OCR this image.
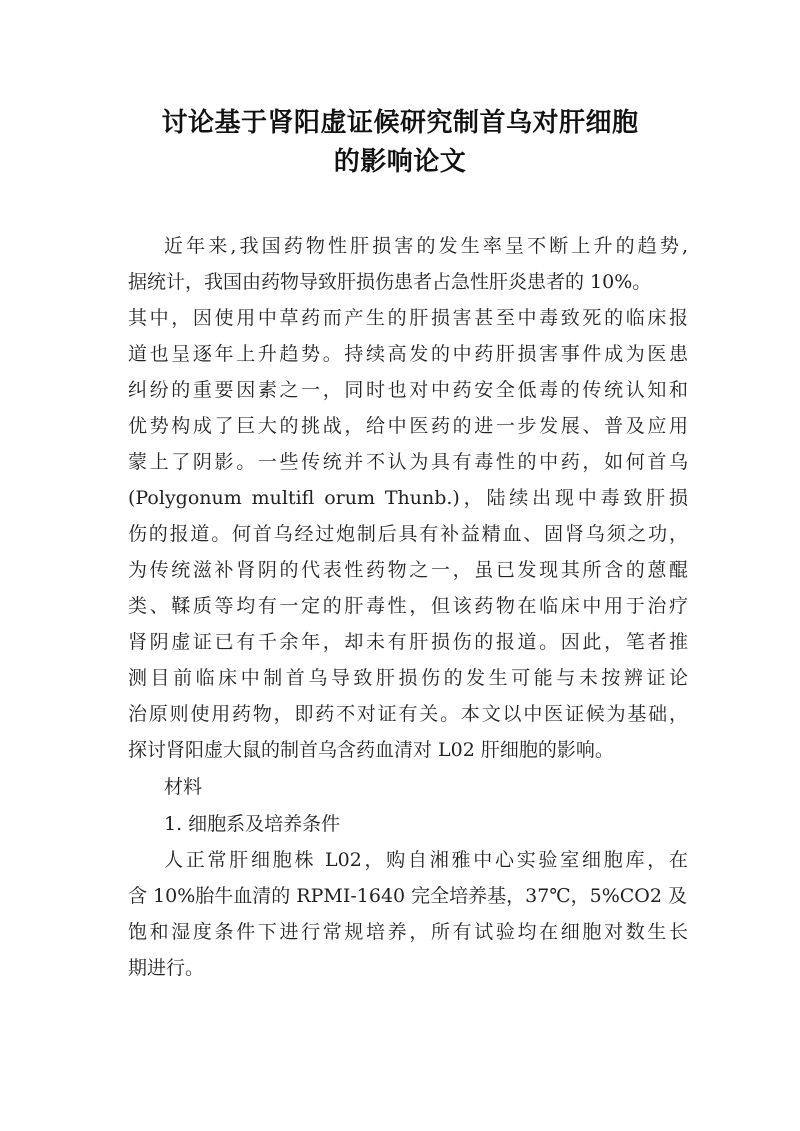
讨论基于肾阳虚证候研究制首乌对肝细胞
的影响论文
近年来,我国药物性肝损害的发生率呈不断上升的趋势,
据统计，我国由药物导致肝损伤患者占急性肝炎患者的 10%。
其中，因使用中草药而产生的肝损害甚至中毒致死的临床报
道也呈逐年上升趋势。持续高发的中药肝损害事件成为医患
纠纷的重要因素之一，同时也对中药安全低毒的传统认知和
优势构成了巨大的挑战，给中医药的进一步发展、普及应用
蒙上了阴影。一些传统并不认为具有毒性的中药，如何首乌
(Polygonum multifl orum Thunb.)，陆续出现中毒致肝损
伤的报道。何首乌经过炮制后具有补益精血、固肾乌须之功，
为传统滋补肾阴的代表性药物之一，虽已发现其所含的蒽醌
类、鞣质等均有一定的肝毒性，但该药物在临床中用于治疗
肾阴虚证已有千余年，却未有肝损伤的报道。因此，笔者推
测目前临床中制首乌导致肝损伤的发生可能与未按辨证论
治原则使用药物，即药不对证有关。本文以中医证候为基础，
探讨肾阳虚大鼠的制首乌含药血清对 L02 肝细胞的影响。
材料
1. 细胞系及培养条件
人正常肝细胞株 L02，购自湘雅中心实验室细胞库，在
含 10%胎牛血清的 RPMI-1640 完全培养基，37℃，5%CO2 及
饱和湿度条件下进行常规培养，所有试验均在细胞对数生长
期进行。
